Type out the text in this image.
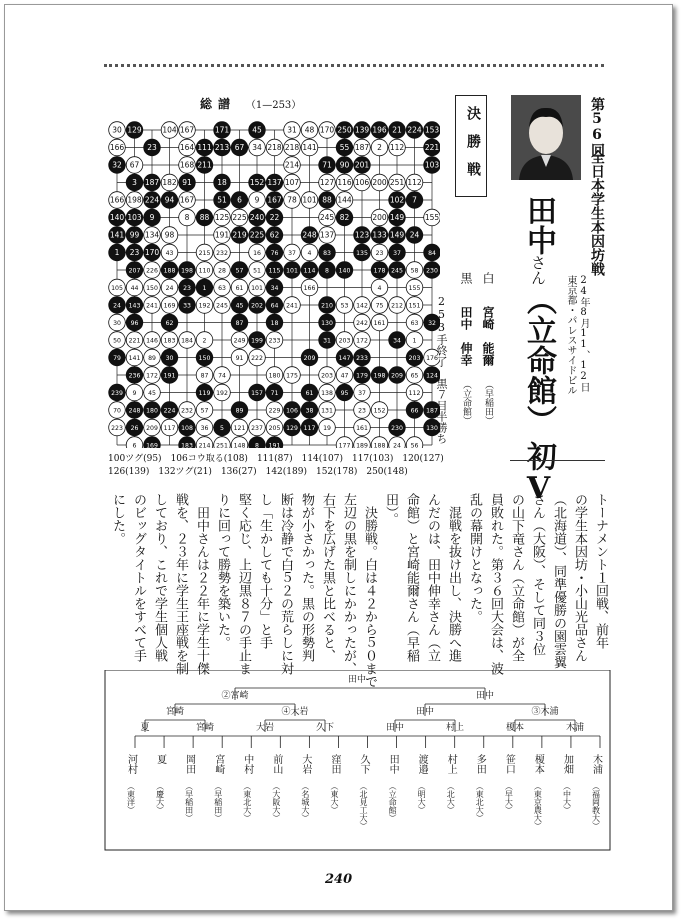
総譜 （1—253）
30 129	104 167	171	45	31 48 170 250 139 196 21 224 153
166	23	164 111 213 67 34 218 218 141	55 187 2 112	221
32 67	168 211	214	71 90 201	103
3 187 182 91	18	152 137 107	127 116 106 200 251 112
166 198 224 94 167	51 6 9 167 78 101 88 144	102 7
140 103 9	8 88 125 225 240 22	245 82	200 149	155
141 99 134 98	191 219 225 62	248 137	123 133 149 24
1 23 170 43	215 232	16 76 37 4 83	135 23 37	84
207 226 188 198 110 28 57 51 115 101 114 8 140	178 245 58 230
105 44 150 24 23 1 63 61 101 34	166	4	155
24 143 241 169 33 192 245 45 202 64 241	210 53 142 75 212 151
30 96	62	87	18	130	242 161	63 32
50 221 146 183 184 2	249 199 233	31 203 172	34 1
79 141 89 30	150	91 222	209	147 233	203 176
236 172 191	87 74	180 175	203 47 179 198 209 65 124
239 9 45	119 192	157 71	61 138 95 37	112
70 248 180 224 232 57	89	229 106 38 131	23 152	66 187
223 26 209 117 108 36 5 121 237 205 129 117 19	161	230	130
6 169	183 214 251 148 8 191	177 189 188 24 56
100ツグ(95)　106コウ取る(108)　111(87)　114(107)　117(103)　120(127)
126(139)　132ツグ(21)　136(27)　142(189)　152(178)　250(148)
決勝戦
白 宮崎　能爾 （早稲田）
黒 田中　伸幸 （立命館）
253手終了　黒７目半勝ち
第56回
全日本学生本因坊戦
24年8月11、12日
東京都・パレスサイドビル
田中さん（立命館）初V
トーナメント１回戦、前年
の学生本因坊・小山光品さん
（北海道）、同準優勝の園雲翼
さん（大阪）、そして同３位
の山下竜さん（立命館）が全
員敗れた。第３６回大会は、波
乱の幕開けとなった。
　混戦を抜け出し、決勝へ進
んだのは、田中伸幸さん（立
命館）と宮崎能爾さん（早稲
田）。
　決勝戦。白は４２から５０まで
左辺の黒を制しにかかったが、
右下を広げた黒と比べると、
物が小さかった。黒の形勢判
断は冷静で白５２の荒らしに対
し「生かしても十分」と手
堅く応じ、上辺黒８７の手止ま
りに回って勝勢を築いた。
　田中さんは２２年に学生十傑
戦を、２３年に学生王座戦を制
しており、これで学生個人戦
のビッグタイトルをすべて手
にした。
田中
②宮崎	田中
宮崎	④大岩	田中	③木浦
夏	宮崎	大岩	久下	田中	村上	榎本	木浦
河村
（東洋）
夏
（慶大）
岡田
（早稲田）
宮崎
（早稲田）
中村
（東北大）
前山
（大阪大）
大岩
（名城大）
窪田
（東大）
久下
（北見工大）
田中
（立命館）
渡邉
（明大）
村上
（北大）
多田
（東北大）
笹口
（早大）
榎本
（東京農大）
加畑
（中大）
木浦
（福岡教大）
240
